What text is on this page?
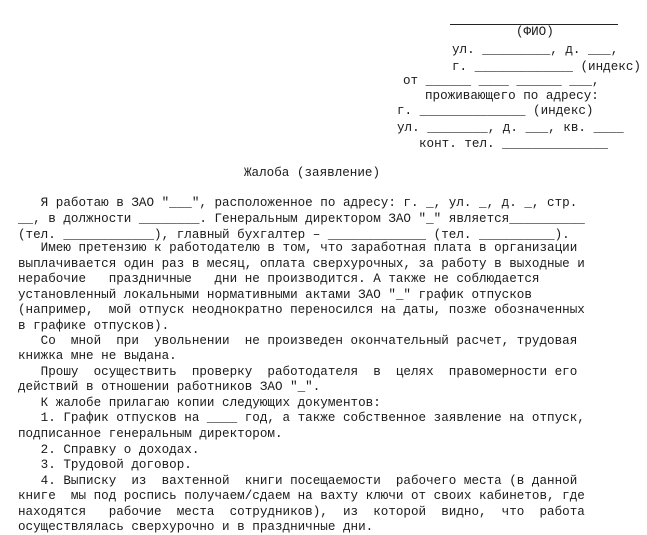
(ФИО)
ул. _________, д. ___,
г. _____________ (индекс)
от ______ ____ ______ ___,
проживающего по адресу:
г. ______________ (индекс)
ул. ________, д. ___, кв. ____
конт. тел. ______________
Жалоба (заявление)
Я работаю в ЗАО "___", расположенное по адресу: г. _, ул. _, д. _, стр.
__, в должности ________. Генеральным директором ЗАО "_" является__________
(тел. ____________), главный бухгалтер – _____________ (тел. __________).
Имею претензию к работодателю в том, что заработная плата в организации
выплачивается один раз в месяц, оплата сверхурочных, за работу в выходные и
нерабочие   праздничные   дни не производится. А также не соблюдается
установленный локальными нормативными актами ЗАО "_" график отпусков
(например,  мой отпуск неоднократно переносился на даты, позже обозначенных
в графике отпусков).
Со  мной  при  увольнении  не произведен окончательный расчет, трудовая
книжка мне не выдана.
Прошу  осуществить  проверку  работодателя  в  целях  правомерности его
действий в отношении работников ЗАО "_".
К жалобе прилагаю копии следующих документов:
1. График отпусков на ____ год, а также собственное заявление на отпуск,
подписанное генеральным директором.
2. Справку о доходах.
3. Трудовой договор.
4. Выписку  из  вахтенной  книги посещаемости  рабочего места (в данной
книге  мы под роспись получаем/сдаем на вахту ключи от своих кабинетов, где
находятся   рабочие  места  сотрудников),  из  которой  видно,  что  работа
осуществлялась сверхурочно и в праздничные дни.
